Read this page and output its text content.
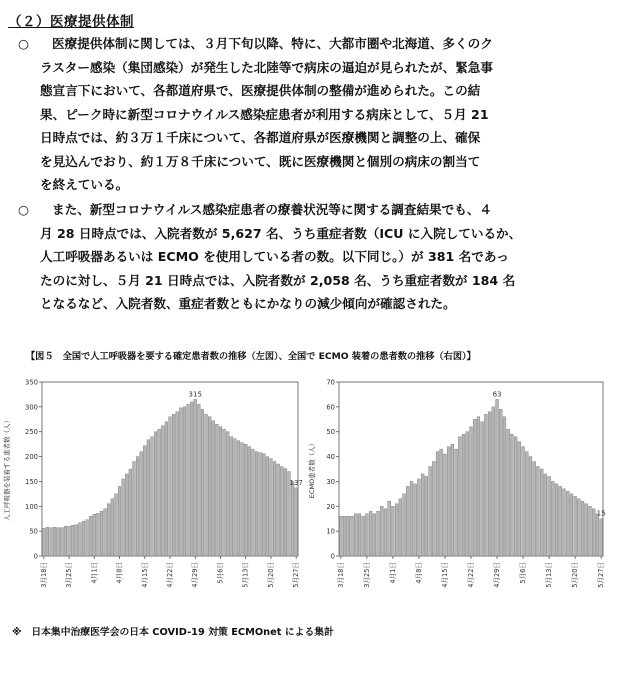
（２）医療提供体制
○	医療提供体制に関しては、３月下旬以降、特に、大都市圏や北海道、多くのク
ラスター感染（集団感染）が発生した北陸等で病床の逼迫が見られたが、緊急事
態宣言下において、各都道府県で、医療提供体制の整備が進められた。この結
果、ピーク時に新型コロナウイルス感染症患者が利用する病床として、５月 21
日時点では、約３万１千床について、各都道府県が医療機関と調整の上、確保
を見込んでおり、約１万８千床について、既に医療機関と個別の病床の割当て
を終えている。
○	また、新型コロナウイルス感染症患者の療養状況等に関する調査結果でも、４
月 28 日時点では、入院者数が 5,627 名、うち重症者数（ICU に入院しているか、
人工呼吸器あるいは ECMO を使用している者の数。以下同じ。）が 381 名であっ
たのに対し、５月 21 日時点では、入院者数が 2,058 名、うち重症者数が 184 名
となるなど、入院者数、重症者数ともにかなりの減少傾向が確認された。
【図５　全国で人工呼吸器を要する確定患者数の推移（左図）、全国で ECMO 装着の患者数の推移（右図）】
0
50
100
150
200
250
300
350
人工呼吸器を装着する患者数（人）
3月18日	3月25日	4月1日	4月8日	4月15日	4月22日	4月29日	5月6日	5月13日	5月20日	5月27日
315
137
0
10
20
30
40
50
60
70
ECMO患者数（人）
3月18日	3月25日	4月1日	4月8日	4月15日	4月22日	4月29日	5月6日	5月13日	5月20日	5月27日
63
15
※　日本集中治療医学会の日本 COVID-19 対策 ECMOnet による集計
